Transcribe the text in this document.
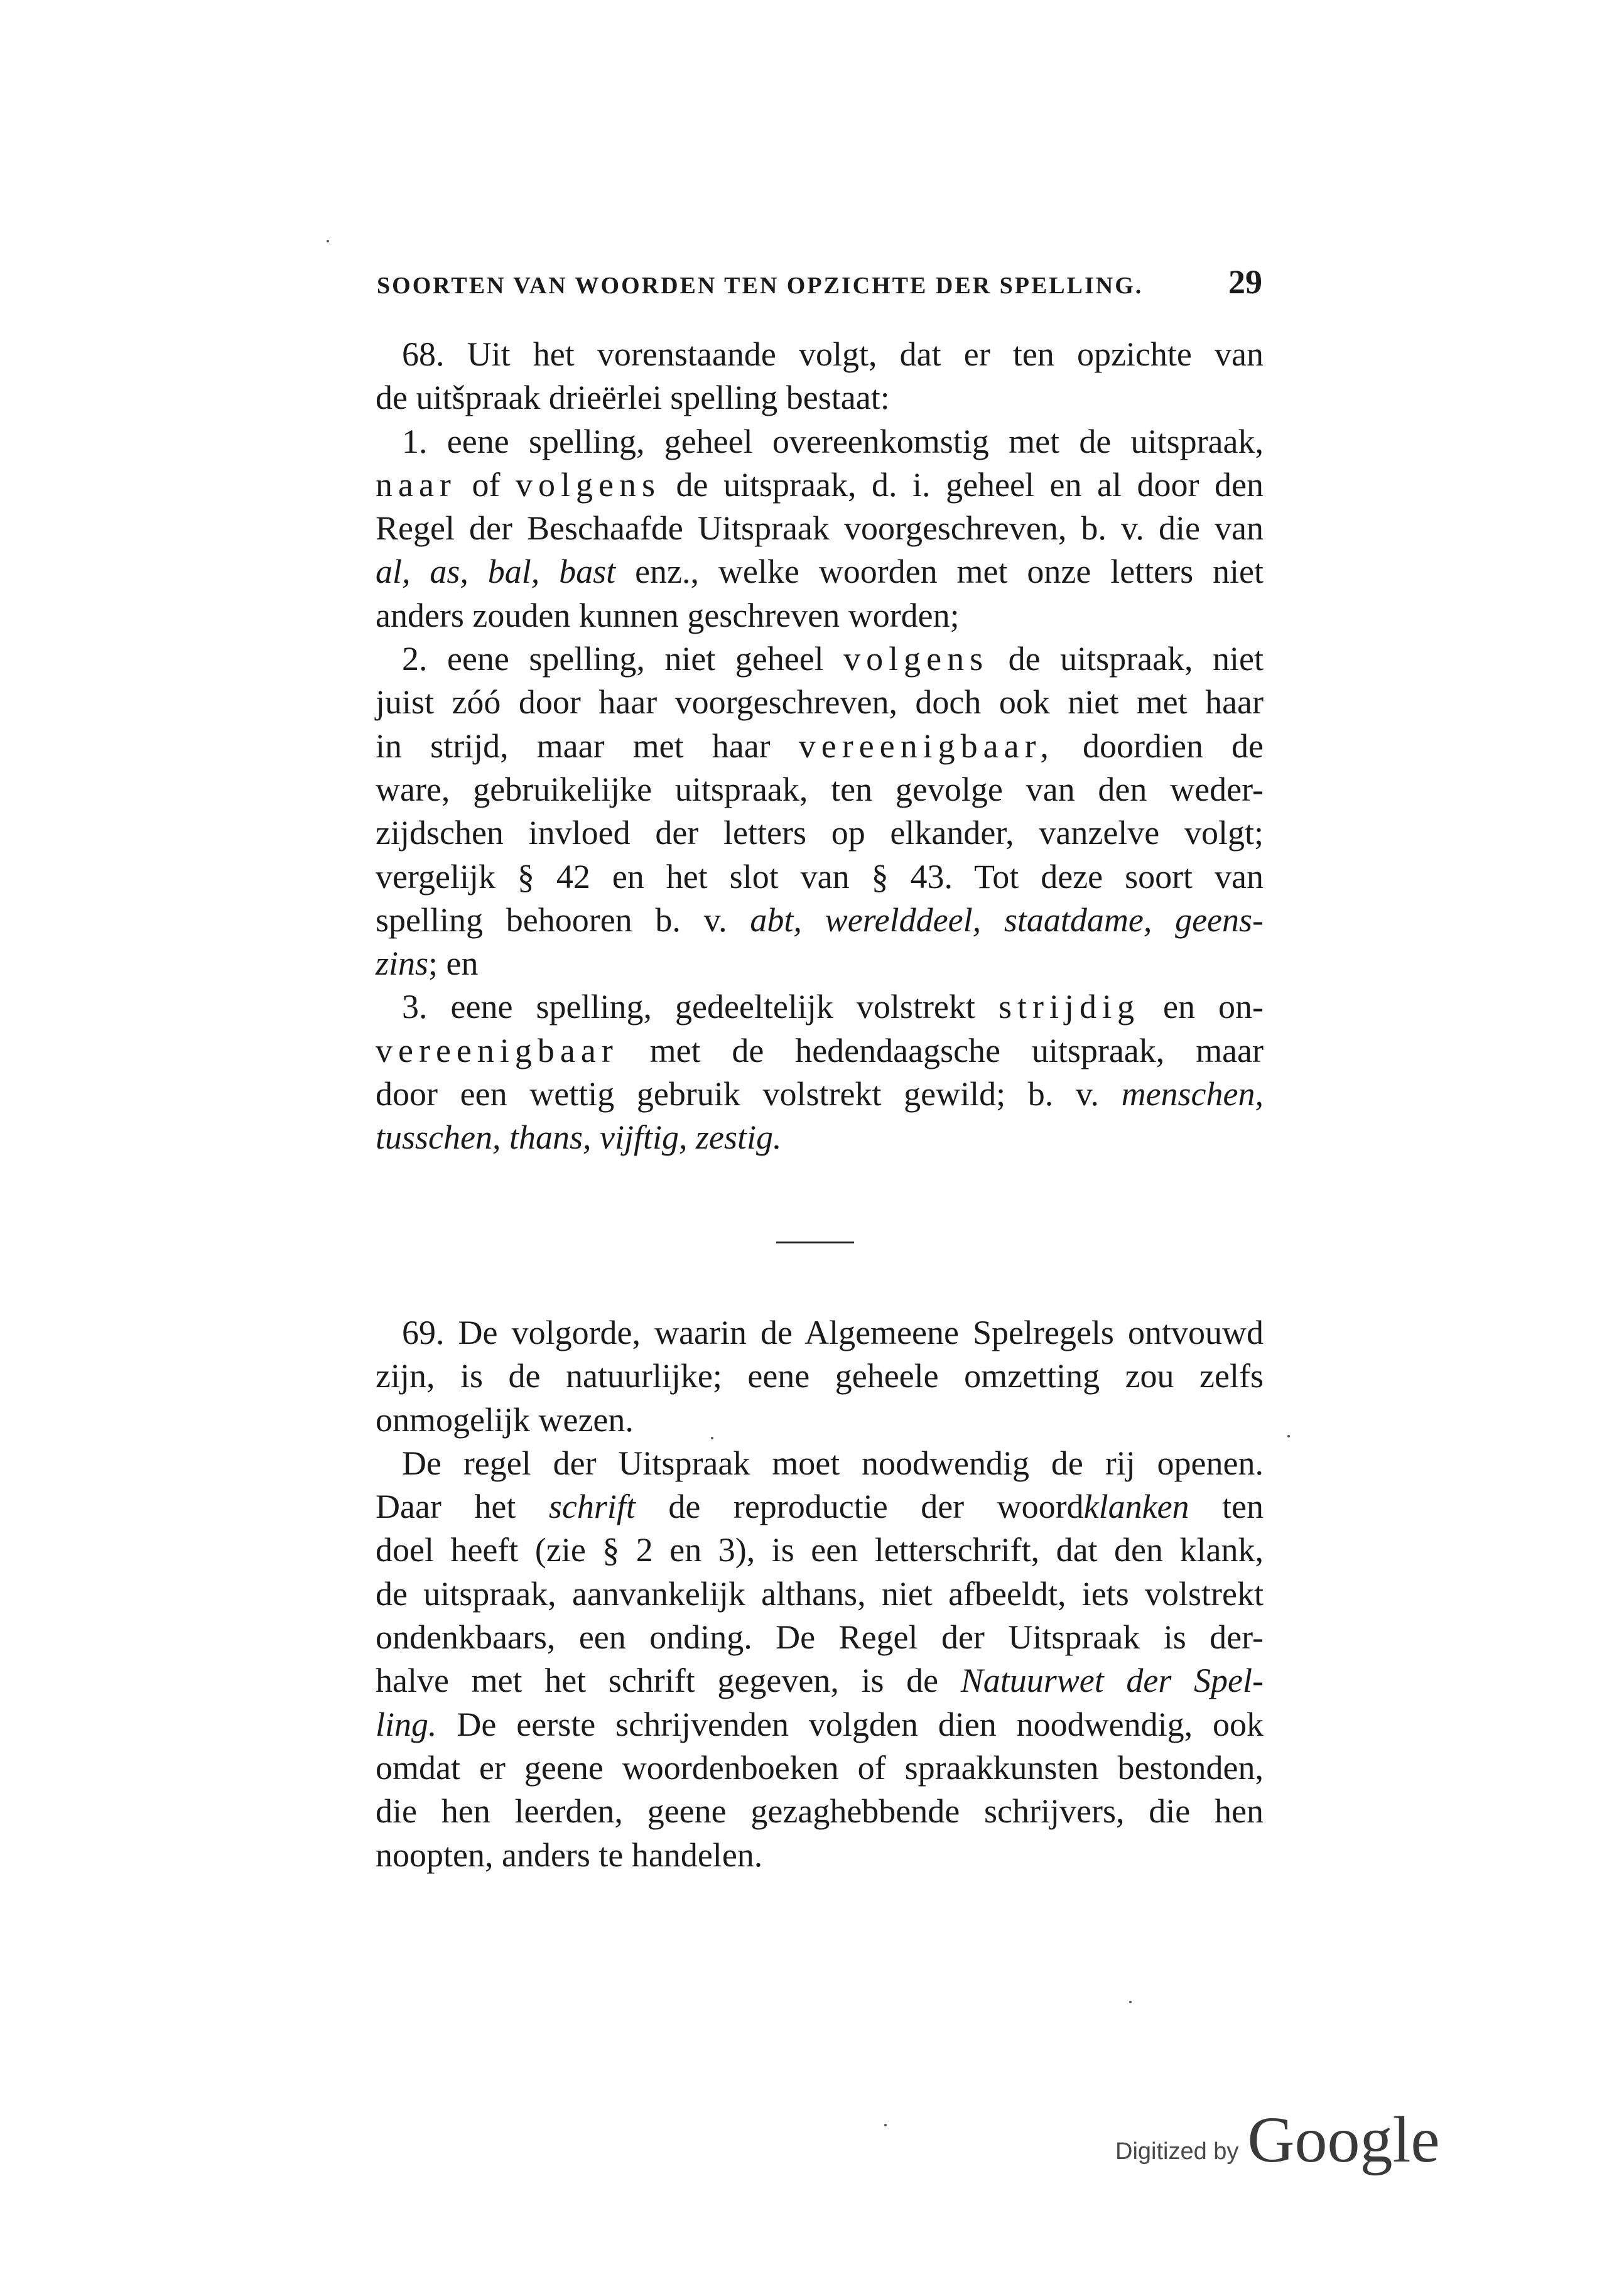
SOORTEN VAN WOORDEN TEN OPZICHTE DER SPELLING.	29
68. Uit het vorenstaande volgt, dat er ten opzichte van
de uitšpraak drieërlei spelling bestaat:
1. eene spelling, geheel overeenkomstig met de uitspraak,
naar of volgens de uitspraak, d. i. geheel en al door den
Regel der Beschaafde Uitspraak voorgeschreven, b. v. die van
al, as, bal, bast enz., welke woorden met onze letters niet
anders zouden kunnen geschreven worden;
2. eene spelling, niet geheel volgens de uitspraak, niet
juist zóó door haar voorgeschreven, doch ook niet met haar
in strijd, maar met haar vereenigbaar, doordien de
ware, gebruikelijke uitspraak, ten gevolge van den weder-
zijdschen invloed der letters op elkander, vanzelve volgt;
vergelijk § 42 en het slot van § 43. Tot deze soort van
spelling behooren b. v. abt, werelddeel, staatdame, geens-
zins; en
3. eene spelling, gedeeltelijk volstrekt strijdig en on-
vereenigbaar met de hedendaagsche uitspraak, maar
door een wettig gebruik volstrekt gewild; b. v. menschen,
tusschen, thans, vijftig, zestig.
69. De volgorde, waarin de Algemeene Spelregels ontvouwd
zijn, is de natuurlijke; eene geheele omzetting zou zelfs
onmogelijk wezen.
De regel der Uitspraak moet noodwendig de rij openen.
Daar het schrift de reproductie der woordklanken ten
doel heeft (zie § 2 en 3), is een letterschrift, dat den klank,
de uitspraak, aanvankelijk althans, niet afbeeldt, iets volstrekt
ondenkbaars, een onding. De Regel der Uitspraak is der-
halve met het schrift gegeven, is de Natuurwet der Spel-
ling. De eerste schrijvenden volgden dien noodwendig, ook
omdat er geene woordenboeken of spraakkunsten bestonden,
die hen leerden, geene gezaghebbende schrijvers, die hen
noopten, anders te handelen.
Digitized by Google
